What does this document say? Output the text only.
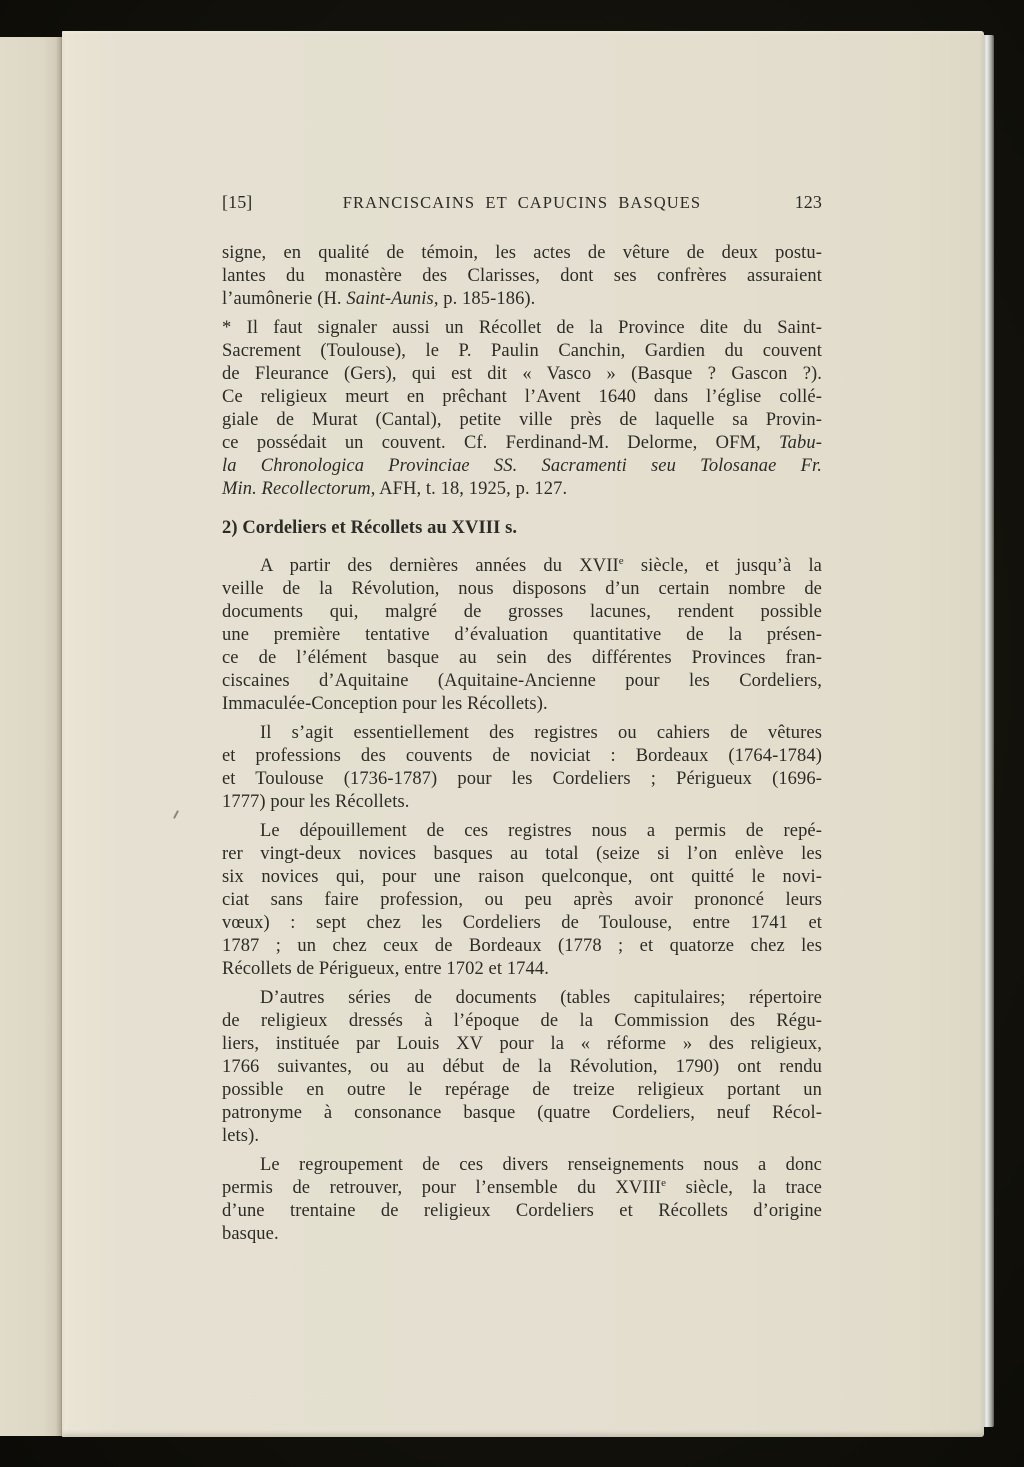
[15]	FRANCISCAINS ET CAPUCINS BASQUES	123
signe, en qualité de témoin, les actes de vêture de deux postu-
lantes du monastère des Clarisses, dont ses confrères assuraient
l’aumônerie (H. Saint-Aunis, p. 185-186).
* Il faut signaler aussi un Récollet de la Province dite du Saint-
Sacrement (Toulouse), le P. Paulin Canchin, Gardien du couvent
de Fleurance (Gers), qui est dit « Vasco » (Basque ? Gascon ?).
Ce religieux meurt en prêchant l’Avent 1640 dans l’église collé-
giale de Murat (Cantal), petite ville près de laquelle sa Provin-
ce possédait un couvent. Cf. Ferdinand-M. Delorme, OFM, Tabu-
la Chronologica Provinciae SS. Sacramenti seu Tolosanae Fr.
Min. Recollectorum, AFH, t. 18, 1925, p. 127.
2) Cordeliers et Récollets au XVIII s.
A partir des dernières années du XVIIe siècle, et jusqu’à la
veille de la Révolution, nous disposons d’un certain nombre de
documents qui, malgré de grosses lacunes, rendent possible
une première tentative d’évaluation quantitative de la présen-
ce de l’élément basque au sein des différentes Provinces fran-
ciscaines d’Aquitaine (Aquitaine-Ancienne pour les Cordeliers,
Immaculée-Conception pour les Récollets).
Il s’agit essentiellement des registres ou cahiers de vêtures
et professions des couvents de noviciat : Bordeaux (1764-1784)
et Toulouse (1736-1787) pour les Cordeliers ; Périgueux (1696-
1777) pour les Récollets.
Le dépouillement de ces registres nous a permis de repé-
rer vingt-deux novices basques au total (seize si l’on enlève les
six novices qui, pour une raison quelconque, ont quitté le novi-
ciat sans faire profession, ou peu après avoir prononcé leurs
vœux) : sept chez les Cordeliers de Toulouse, entre 1741 et
1787 ; un chez ceux de Bordeaux (1778 ; et quatorze chez les
Récollets de Périgueux, entre 1702 et 1744.
D’autres séries de documents (tables capitulaires; répertoire
de religieux dressés à l’époque de la Commission des Régu-
liers, instituée par Louis XV pour la « réforme » des religieux,
1766 suivantes, ou au début de la Révolution, 1790) ont rendu
possible en outre le repérage de treize religieux portant un
patronyme à consonance basque (quatre Cordeliers, neuf Récol-
lets).
Le regroupement de ces divers renseignements nous a donc
permis de retrouver, pour l’ensemble du XVIIIe siècle, la trace
d’une trentaine de religieux Cordeliers et Récollets d’origine
basque.
